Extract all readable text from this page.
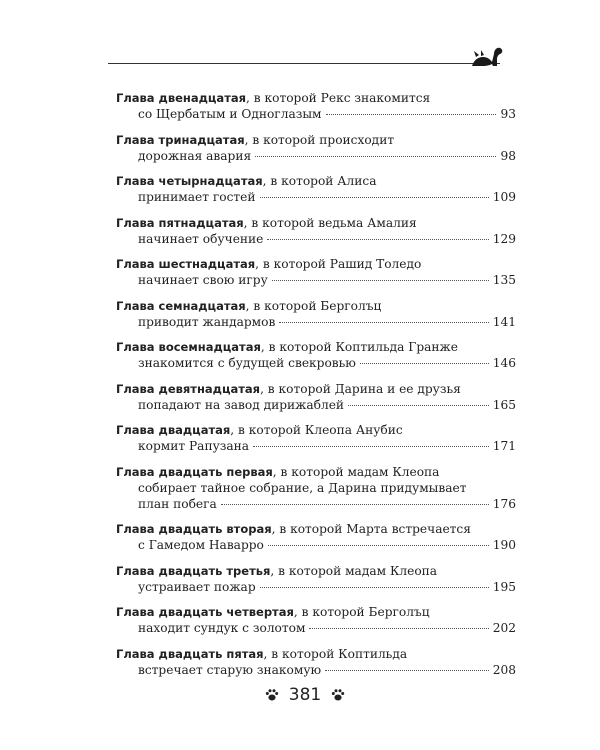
Глава двенадцатая, в которой Рекс знакомится
со Щербатым и Одноглазым	93
Глава тринадцатая, в которой происходит
дорожная авария	98
Глава четырнадцатая, в которой Алиса
принимает гостей	109
Глава пятнадцатая, в которой ведьма Амалия
начинает обучение	129
Глава шестнадцатая, в которой Рашид Толедо
начинает свою игру	135
Глава семнадцатая, в которой Берголъц
приводит жандармов	141
Глава восемнадцатая, в которой Коптильда Гранже
знакомится с будущей свекровью	146
Глава девятнадцатая, в которой Дарина и ее друзья
попадают на завод дирижаблей	165
Глава двадцатая, в которой Клеопа Анубис
кормит Рапузана	171
Глава двадцать первая, в которой мадам Клеопа
собирает тайное собрание, а Дарина придумывает
план побега	176
Глава двадцать вторая, в которой Марта встречается
с Гамедом Наварро	190
Глава двадцать третья, в которой мадам Клеопа
устраивает пожар	195
Глава двадцать четвертая, в которой Берголъц
находит сундук с золотом	202
Глава двадцать пятая, в которой Коптильда
встречает старую знакомую	208
381
